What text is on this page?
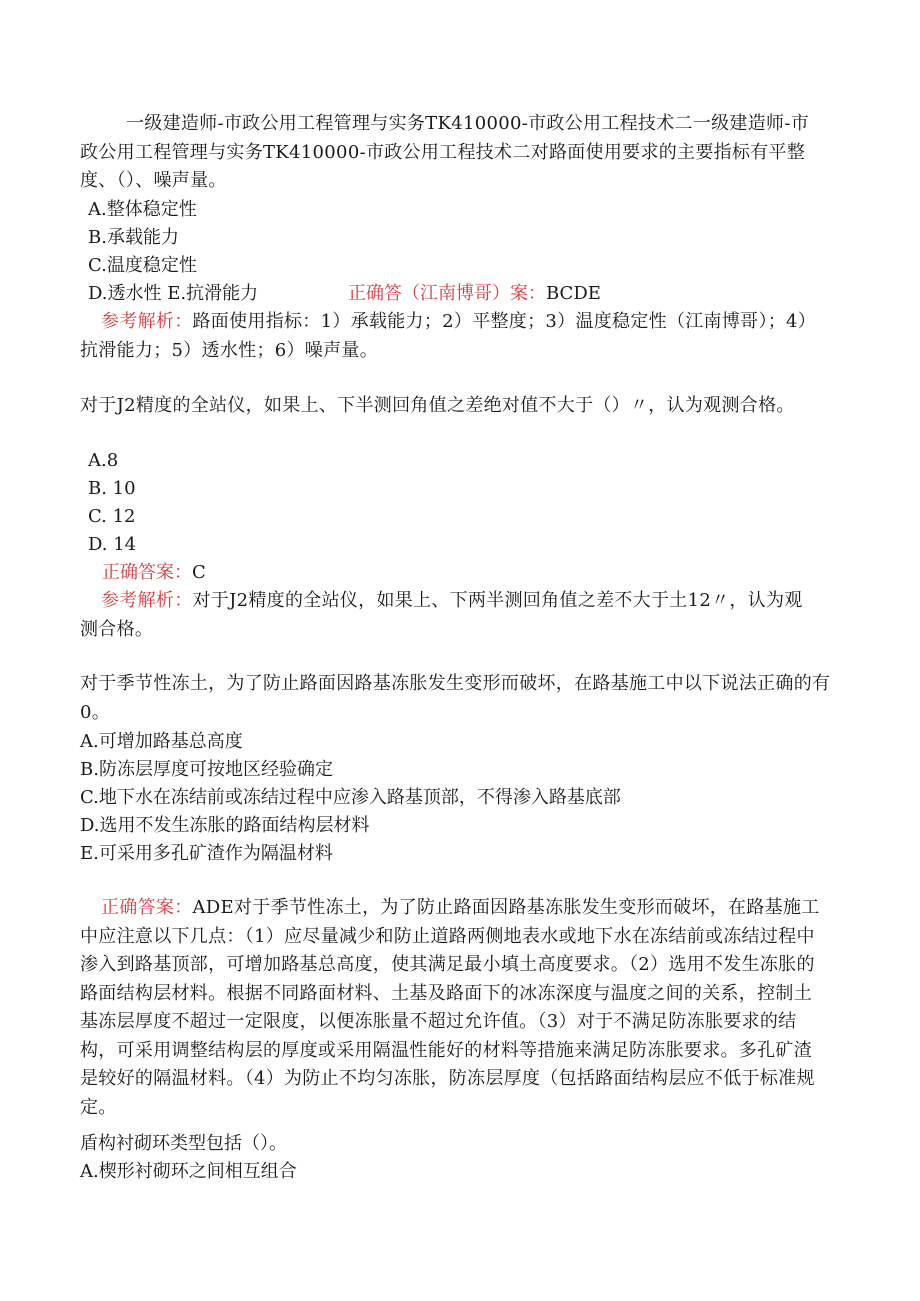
一级建造师-市政公用工程管理与实务TK410000-市政公用工程技术二一级建造师-市政公用工程管理与实务TK410000-市政公用工程技术二对路面使用要求的主要指标有平整度、（）、噪声量。

A.整体稳定性

B.承载能力

C.温度稳定性

D.透水性 E.抗滑能力	正确答（江南博哥）案：BCDE

参考解析：路面使用指标：1）承载能力；2）平整度；3）温度稳定性（江南博哥）；4）抗滑能力；5）透水性；6）噪声量。

对于J2精度的全站仪，如果上、下半测回角值之差绝对值不大于（）〃，认为观测合格。

A.8

B. 10

C. 12

D. 14

正确答案：C

参考解析：对于J2精度的全站仪，如果上、下两半测回角值之差不大于土12〃，认为观测合格。

对于季节性冻土，为了防止路面因路基冻胀发生变形而破坏，在路基施工中以下说法正确的有0。

A.可增加路基总高度

B.防冻层厚度可按地区经验确定

C.地下水在冻结前或冻结过程中应渗入路基顶部，不得渗入路基底部

D.选用不发生冻胀的路面结构层材料

E.可采用多孔矿渣作为隔温材料

正确答案：ADE对于季节性冻土，为了防止路面因路基冻胀发生变形而破坏，在路基施工中应注意以下几点：（1）应尽量减少和防止道路两侧地表水或地下水在冻结前或冻结过程中渗入到路基顶部，可增加路基总高度，使其满足最小填土高度要求。（2）选用不发生冻胀的路面结构层材料。根据不同路面材料、土基及路面下的冰冻深度与温度之间的关系，控制土基冻层厚度不超过一定限度，以便冻胀量不超过允许值。（3）对于不满足防冻胀要求的结构，可采用调整结构层的厚度或采用隔温性能好的材料等措施来满足防冻胀要求。多孔矿渣是较好的隔温材料。（4）为防止不均匀冻胀，防冻层厚度（包括路面结构层应不低于标准规定。

盾构衬砌环类型包括（）。

A.楔形衬砌环之间相互组合
